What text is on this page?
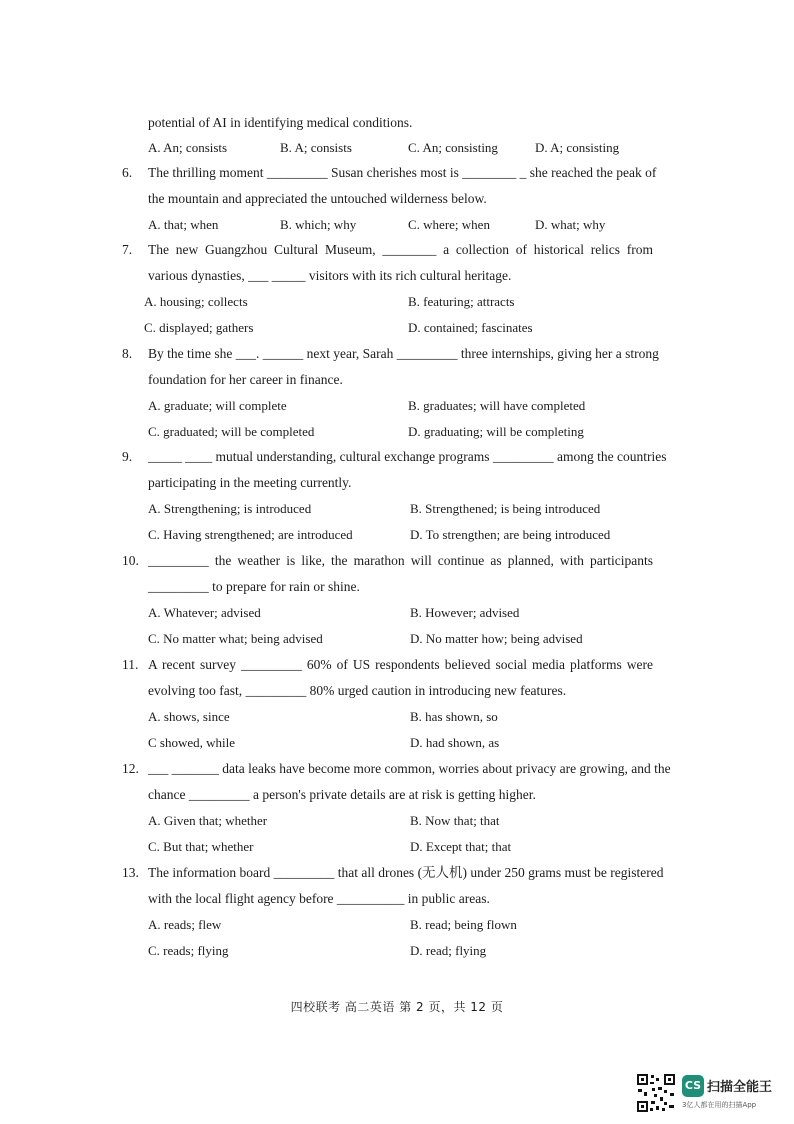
potential of AI in identifying medical conditions.
A. An; consists	B. A; consists	C. An; consisting	D. A; consisting
6.	The thrilling moment _________ Susan cherishes most is ________ _ she reached the peak of
the mountain and appreciated the untouched wilderness below.
A. that; when	B. which; why	C. where; when	D. what; why
7.	The new Guangzhou Cultural Museum, ________ a collection of historical relics from
various dynasties, ___ _____ visitors with its rich cultural heritage.
A. housing; collects	B. featuring; attracts
C. displayed; gathers	D. contained; fascinates
8.	By the time she ___. ______ next year, Sarah _________ three internships, giving her a strong
foundation for her career in finance.
A. graduate; will complete	B. graduates; will have completed
C. graduated; will be completed	D. graduating; will be completing
9.	_____ ____ mutual understanding, cultural exchange programs _________ among the countries
participating in the meeting currently.
A. Strengthening; is introduced	B. Strengthened; is being introduced
C. Having strengthened; are introduced	D. To strengthen; are being introduced
10. _________ the weather is like, the marathon will continue as planned, with participants
_________ to prepare for rain or shine.
A. Whatever; advised	B. However; advised
C. No matter what; being advised	D. No matter how; being advised
11. A recent survey _________ 60% of US respondents believed social media platforms were
evolving too fast, _________ 80% urged caution in introducing new features.
A. shows, since	B. has shown, so
C showed, while	D. had shown, as
12. ___ _______ data leaks have become more common, worries about privacy are growing, and the
chance _________ a person's private details are at risk is getting higher.
A. Given that; whether	B. Now that; that
C. But that; whether	D. Except that; that
13. The information board _________ that all drones (无人机) under 250 grams must be registered
with the local flight agency before __________ in public areas.
A. reads; flew	B. read; being flown
C. reads; flying	D. read; flying
四校联考 高二英语 第 2 页，共 12 页
CS 扫描全能王
3亿人都在用的扫描App
